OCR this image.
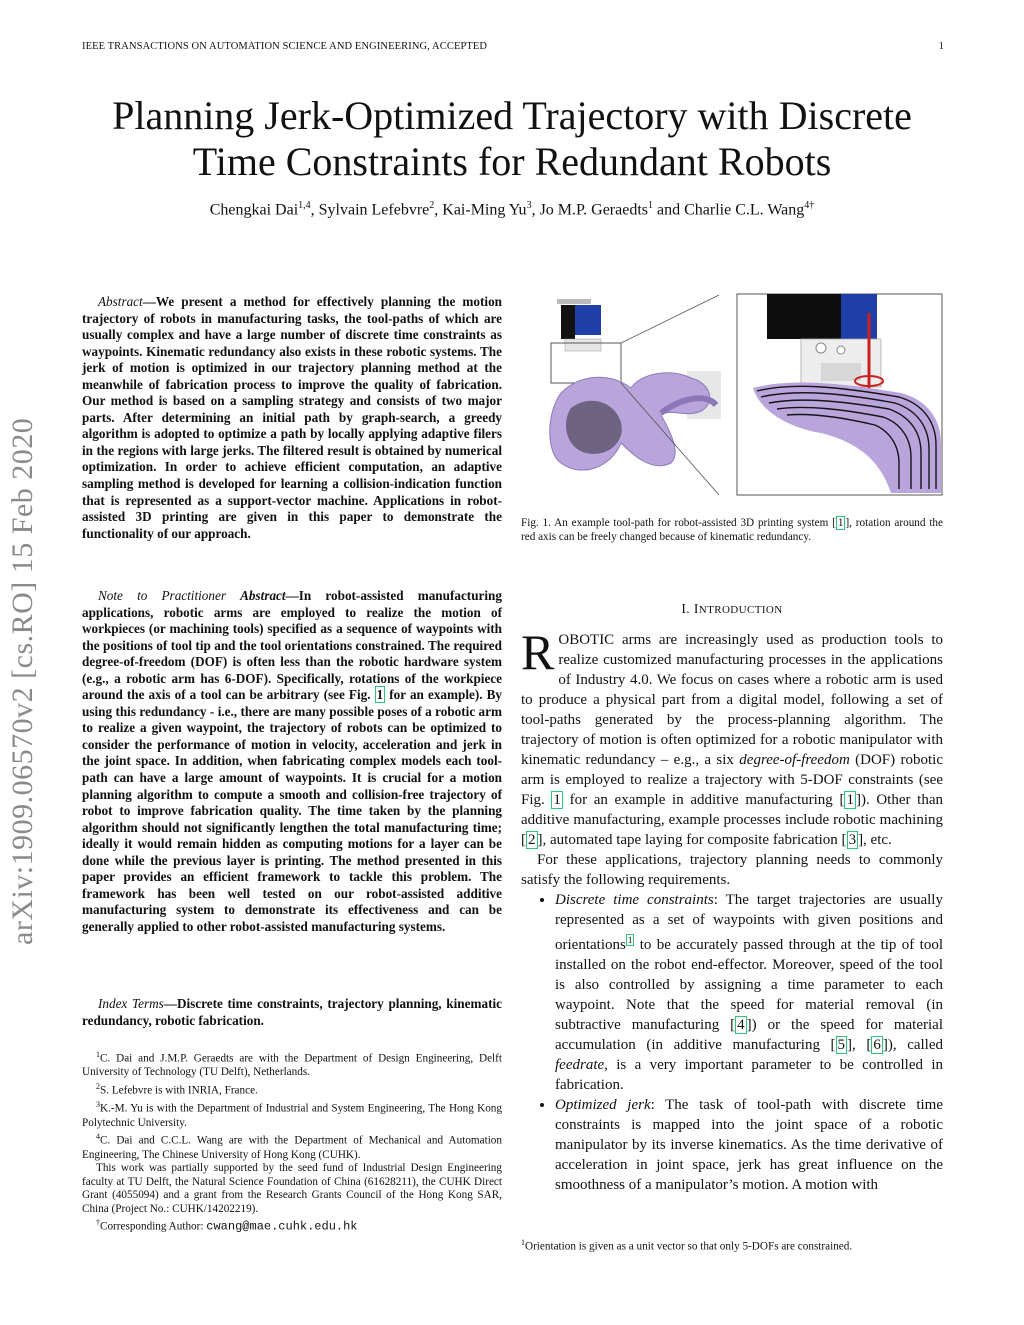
IEEE TRANSACTIONS ON AUTOMATION SCIENCE AND ENGINEERING, ACCEPTED	1
Planning Jerk-Optimized Trajectory with Discrete
Time Constraints for Redundant Robots
Chengkai Dai$^{1,4}$, Sylvain Lefebvre$^2$, Kai-Ming Yu$^3$, Jo M.P. Geraedts$^1$ and Charlie C.L. Wang$^{4\dagger}$
arXiv:1909.06570v2 [cs.RO] 15 Feb 2020
Abstract—We present a method for effectively planning the motion trajectory of robots in manufacturing tasks, the tool-paths of which are usually complex and have a large number of discrete time constraints as waypoints. Kinematic redundancy also exists in these robotic systems. The jerk of motion is optimized in our trajectory planning method at the meanwhile of fabrication process to improve the quality of fabrication. Our method is based on a sampling strategy and consists of two major parts. After determining an initial path by graph-search, a greedy algorithm is adopted to optimize a path by locally applying adaptive filers in the regions with large jerks. The filtered result is obtained by numerical optimization. In order to achieve efficient computation, an adaptive sampling method is developed for learning a collision-indication function that is represented as a support-vector machine. Applications in robot-assisted 3D printing are given in this paper to demonstrate the functionality of our approach.
Note to Practitioner Abstract—In robot-assisted manufacturing applications, robotic arms are employed to realize the motion of workpieces (or machining tools) specified as a sequence of waypoints with the positions of tool tip and the tool orientations constrained. The required degree-of-freedom (DOF) is often less than the robotic hardware system (e.g., a robotic arm has 6-DOF). Specifically, rotations of the workpiece around the axis of a tool can be arbitrary (see Fig. 1 for an example). By using this redundancy - i.e., there are many possible poses of a robotic arm to realize a given waypoint, the trajectory of robots can be optimized to consider the performance of motion in velocity, acceleration and jerk in the joint space. In addition, when fabricating complex models each tool-path can have a large amount of waypoints. It is crucial for a motion planning algorithm to compute a smooth and collision-free trajectory of robot to improve fabrication quality. The time taken by the planning algorithm should not significantly lengthen the total manufacturing time; ideally it would remain hidden as computing motions for a layer can be done while the previous layer is printing. The method presented in this paper provides an efficient framework to tackle this problem. The framework has been well tested on our robot-assisted additive manufacturing system to demonstrate its effectiveness and can be generally applied to other robot-assisted manufacturing systems.
Index Terms—Discrete time constraints, trajectory planning, kinematic redundancy, robotic fabrication.

$^1$C. Dai and J.M.P. Geraedts are with the Department of Design Engineering, Delft University of Technology (TU Delft), Netherlands.

$^2$S. Lefebvre is with INRIA, France.

$^3$K.-M. Yu is with the Department of Industrial and System Engineering, The Hong Kong Polytechnic University.

$^4$C. Dai and C.C.L. Wang are with the Department of Mechanical and Automation Engineering, The Chinese University of Hong Kong (CUHK).

This work was partially supported by the seed fund of Industrial Design Engineering faculty at TU Delft, the Natural Science Foundation of China (61628211), the CUHK Direct Grant (4055094) and a grant from the Research Grants Council of the Hong Kong SAR, China (Project No.: CUHK/14202219).

†Corresponding Author: cwang@mae.cuhk.edu.hk

Fig. 1. An example tool-path for robot-assisted 3D printing system [ 1 ], rotation around the red axis can be freely changed because of kinematic redundancy.
I. INTRODUCTION

ROBOTIC arms are increasingly used as production tools to realize customized manufacturing processes in the applications of Industry 4.0. We focus on cases where a robotic arm is used to produce a physical part from a digital model, following a set of tool-paths generated by the process-planning algorithm. The trajectory of motion is often optimized for a robotic manipulator with kinematic redundancy – e.g., a six degree-of-freedom (DOF) robotic arm is employed to realize a trajectory with 5-DOF constraints (see Fig. 1 for an example in additive manufacturing [ 1 ]). Other than additive manufacturing, example processes include robotic machining [ 2 ], automated tape laying for composite fabrication [ 3 ], etc.

For these applications, trajectory planning needs to commonly satisfy the following requirements.

• Discrete time constraints: The target trajectories are usually represented as a set of waypoints with given positions and orientations $^1$ to be accurately passed through at the tip of tool installed on the robot end-effector. Moreover, speed of the tool is also controlled by assigning a time parameter to each waypoint. Note that the speed for material removal (in subtractive manufacturing [ 4 ]) or the speed for material accumulation (in additive manufacturing [ 5 ], [ 6 ]), called feedrate, is a very important parameter to be controlled in fabrication.
• Optimized jerk: The task of tool-path with discrete time constraints is mapped into the joint space of a robotic manipulator by its inverse kinematics. As the time derivative of acceleration in joint space, jerk has great influence on the smoothness of a manipulator’s motion. A motion with
$^1$Orientation is given as a unit vector so that only 5-DOFs are constrained.
